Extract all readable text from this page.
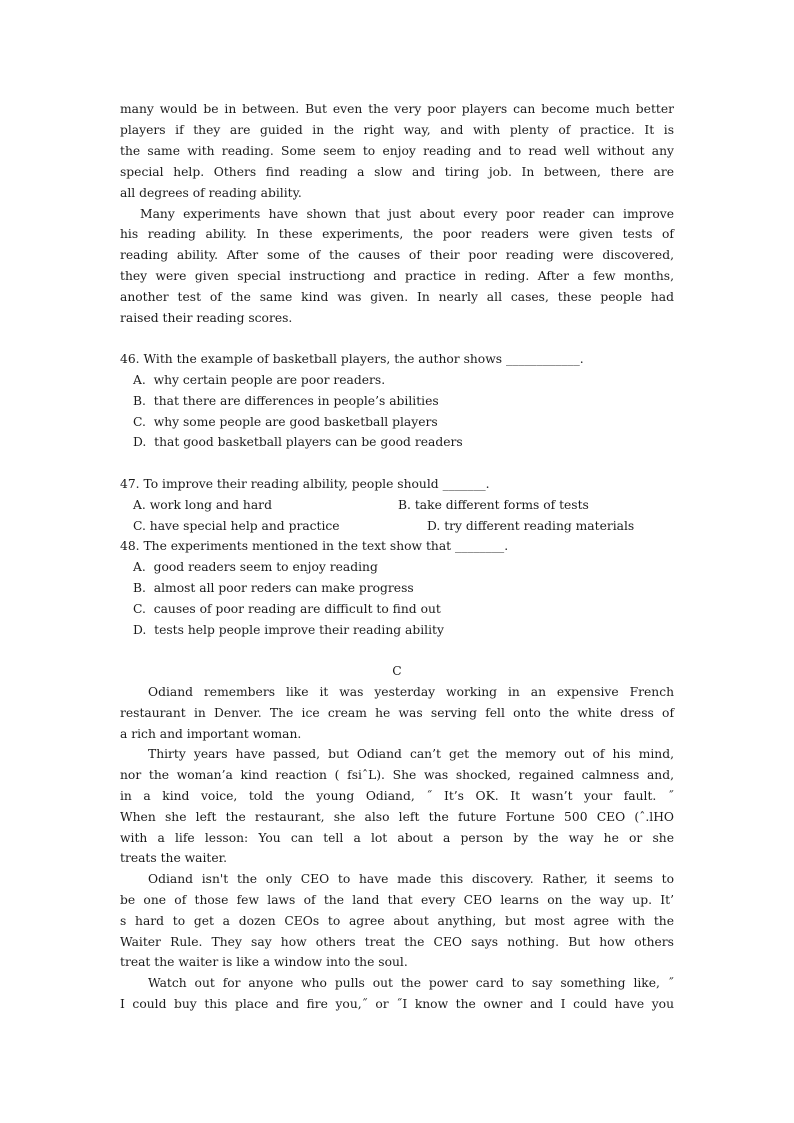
many would be in between. But even the very poor players can become much better
players if they are guided in the right way, and with plenty of practice. It is
the same with reading. Some seem to enjoy reading and to read well without any
special help. Others find reading a slow and tiring job. In between, there are
all degrees of reading ability.
Many experiments have shown that just about every poor reader can improve
his reading ability. In these experiments, the poor readers were given tests of
reading ability. After some of the causes of their poor reading were discovered,
they were given special instructiong and practice in reding. After a few months,
another test of the same kind was given. In nearly all cases, these people had
raised their reading scores.
46. With the example of basketball players, the author shows ____________.
A.  why certain people are poor readers.
B.  that there are differences in people’s abilities
C.  why some people are good basketball players
D.  that good basketball players can be good readers
47. To improve their reading albility, people should _______.
A. work long and hard	B. take different forms of tests
C. have special help and practice	D. try different reading materials
48. The experiments mentioned in the text show that ________.
A.  good readers seem to enjoy reading
B.  almost all poor reders can make progress
C.  causes of poor reading are difficult to find out
D.  tests help people improve their reading ability
C
Odiand remembers like it was yesterday working in an expensive French
restaurant in Denver. The ice cream he was serving fell onto the white dress of
a rich and important woman.
Thirty years have passed, but Odiand can’t get the memory out of his mind,
nor the woman’a kind reaction ( fsiˆL). She was shocked, regained calmness and,
in a kind voice, told the young Odiand, ˝ It’s OK. It wasn’t your fault. ˝
When she left the restaurant, she also left the future Fortune 500 CEO (ˆ.lHO
with a life lesson: You can tell a lot about a person by the way he or she
treats the waiter.
Odiand isn't the only CEO to have made this discovery. Rather, it seems to
be one of those few laws of the land that every CEO learns on the way up. It’
s hard to get a dozen CEOs to agree about anything, but most agree with the
Waiter Rule. They say how others treat the CEO says nothing. But how others
treat the waiter is like a window into the soul.
Watch out for anyone who pulls out the power card to say something like, ˝
I could buy this place and fire you,˝ or ˝I know the owner and I could have you
